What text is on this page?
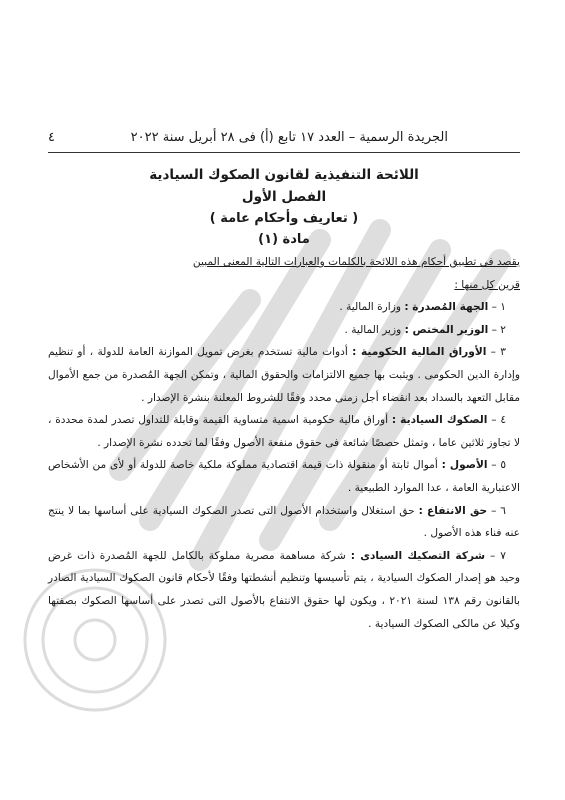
٤	الجريدة الرسمية – العدد ١٧ تابع (أ) فى ٢٨ أبريل سنة ٢٠٢٢
اللائحة التنفيذية لقانون الصكوك السيادية
الفصل الأول
( تعاريف وأحكام عامة )
مادة (١)
يقصد فى تطبيق أحكام هذه اللائحة بالكلمات والعبارات التالية المعنى المبين
قرين كل منها :
١ – الجهة المُصدرة : وزارة المالية .
٢ – الوزير المختص : وزير المالية .
٣ – الأوراق المالية الحكومية : أدوات مالية تستخدم بغرض تمويل الموازنة العامة للدولة ، أو تنظيم وإدارة الدين الحكومى . ويثبت بها جميع الالتزامات والحقوق المالية ، وتمكن الجهة المُصدرة من جمع الأموال مقابل التعهد بالسداد بعد انقضاء أجل زمنى محدد وفقًا للشروط المعلنة بنشرة الإصدار .
٤ – الصكوك السيادية : أوراق مالية حكومية اسمية متساوية القيمة وقابلة للتداول تصدر لمدة محددة ، لا تجاوز ثلاثين عاما ، وتمثل حصصًا شائعة فى حقوق منفعة الأصول وفقًا لما تحدده نشرة الإصدار .
٥ – الأصول : أموال ثابتة أو منقولة ذات قيمة اقتصادية مملوكة ملكية خاصة للدولة أو لأى من الأشخاص الاعتبارية العامة ، عدا الموارد الطبيعية .
٦ – حق الانتفاع : حق استغلال واستخدام الأصول التى تصدر الصكوك السيادية على أساسها بما لا ينتج عنه فناء هذه الأصول .
٧ – شركة التصكيك السيادى : شركة مساهمة مصرية مملوكة بالكامل للجهة المُصدرة ذات غرض وحيد هو إصدار الصكوك السيادية ، يتم تأسيسها وتنظيم أنشطتها وفقًا لأحكام قانون الصكوك السيادية الصادر بالقانون رقم ١٣٨ لسنة ٢٠٢١ ، ويكون لها حقوق الانتفاع بالأصول التى تصدر على أساسها الصكوك بصفتها وكيلا عن مالكى الصكوك السيادية .
